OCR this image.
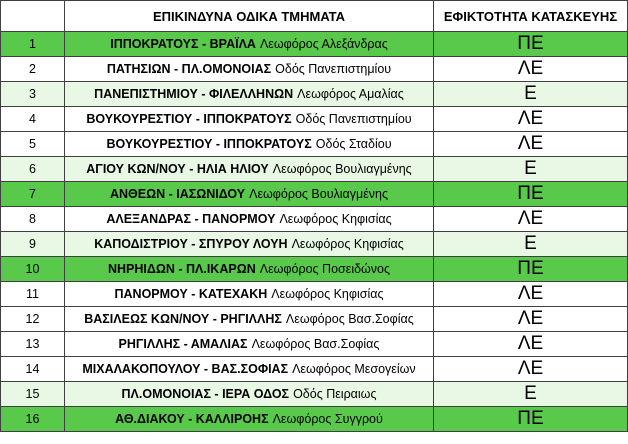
	ΕΠΙΚΙΝΔΥΝΑ ΟΔΙΚΑ ΤΜΗΜΑΤΑ	ΕΦΙΚΤΟΤΗΤΑ ΚΑΤΑΣΚΕΥΗΣ
1	ΙΠΠΟΚΡΑΤΟΥΣ - ΒΡΑΪΛΑ Λεωφόρος Αλεξάνδρας	ΠΕ
2	ΠΑΤΗΣΙΩΝ - ΠΛ.ΟΜΟΝΟΙΑΣ Οδός Πανεπιστημίου	ΛΕ
3	ΠΑΝΕΠΙΣΤΗΜΙΟΥ - ΦΙΛΕΛΛΗΝΩΝ Λεωφόρος Αμαλίας	Ε
4	ΒΟΥΚΟΥΡΕΣΤΙΟΥ - ΙΠΠΟΚΡΑΤΟΥΣ Οδός Πανεπιστημίου	ΛΕ
5	ΒΟΥΚΟΥΡΕΣΤΙΟΥ - ΙΠΠΟΚΡΑΤΟΥΣ Οδός Σταδίου	ΛΕ
6	ΑΓΙΟΥ ΚΩΝ/ΝΟΥ - ΗΛΙΑ ΗΛΙΟΥ Λεωφόρος Βουλιαγμένης	Ε
7	ΑΝΘΕΩΝ - ΙΑΣΩΝΙΔΟΥ Λεωφόρος Βουλιαγμένης	ΠΕ
8	ΑΛΕΞΑΝΔΡΑΣ - ΠΑΝΟΡΜΟΥ Λεωφόρος Κηφισίας	ΛΕ
9	ΚΑΠΟΔΙΣΤΡΙΟΥ - ΣΠΥΡΟΥ ΛΟΥΗ Λεωφόρος Κηφισίας	Ε
10	ΝΗΡΗΙΔΩΝ - ΠΛ.ΙΚΑΡΩΝ Λεωφόρος Ποσειδώνος	ΠΕ
11	ΠΑΝΟΡΜΟΥ - ΚΑΤΕΧΑΚΗ Λεωφόρος Κηφισίας	ΛΕ
12	ΒΑΣΙΛΕΩΣ ΚΩΝ/ΝΟΥ - ΡΗΓΙΛΛΗΣ Λεωφόρος Βασ.Σοφίας	ΛΕ
13	ΡΗΓΙΛΛΗΣ - ΑΜΑΛΙΑΣ Λεωφόρος Βασ.Σοφίας	ΛΕ
14	ΜΙΧΑΛΑΚΟΠΟΥΛΟΥ - ΒΑΣ.ΣΟΦΙΑΣ Λεωφόρος Μεσογείων	ΛΕ
15	ΠΛ.ΟΜΟΝΟΙΑΣ - ΙΕΡΑ ΟΔΟΣ Οδός Πειραιως	Ε
16	ΑΘ.ΔΙΑΚΟΥ - ΚΑΛΛΙΡΟΗΣ Λεωφόρος Συγγρού	ΠΕ
